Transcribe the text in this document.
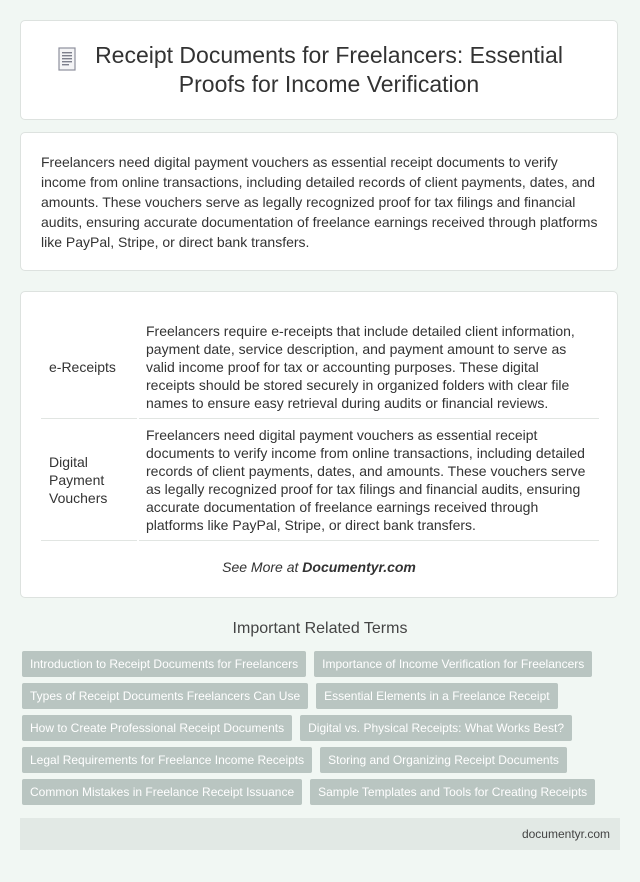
Receipt Documents for Freelancers: Essential Proofs for Income Verification

Freelancers need digital payment vouchers as essential receipt documents to verify income from online transactions, including detailed records of client payments, dates, and amounts. These vouchers serve as legally recognized proof for tax filings and financial audits, ensuring accurate documentation of freelance earnings received through platforms like PayPal, Stripe, or direct bank transfers.

e-Receipts	Freelancers require e-receipts that include detailed client information, payment date, service description, and payment amount to serve as valid income proof for tax or accounting purposes. These digital receipts should be stored securely in organized folders with clear file names to ensure easy retrieval during audits or financial reviews.
Digital Payment Vouchers	Freelancers need digital payment vouchers as essential receipt documents to verify income from online transactions, including detailed records of client payments, dates, and amounts. These vouchers serve as legally recognized proof for tax filings and financial audits, ensuring accurate documentation of freelance earnings received through platforms like PayPal, Stripe, or direct bank transfers.
See More at Documentyr.com
Important Related Terms
Introduction to Receipt Documents for Freelancers	Importance of Income Verification for Freelancers
Types of Receipt Documents Freelancers Can Use	Essential Elements in a Freelance Receipt
How to Create Professional Receipt Documents	Digital vs. Physical Receipts: What Works Best?
Legal Requirements for Freelance Income Receipts	Storing and Organizing Receipt Documents
Common Mistakes in Freelance Receipt Issuance	Sample Templates and Tools for Creating Receipts
documentyr.com
